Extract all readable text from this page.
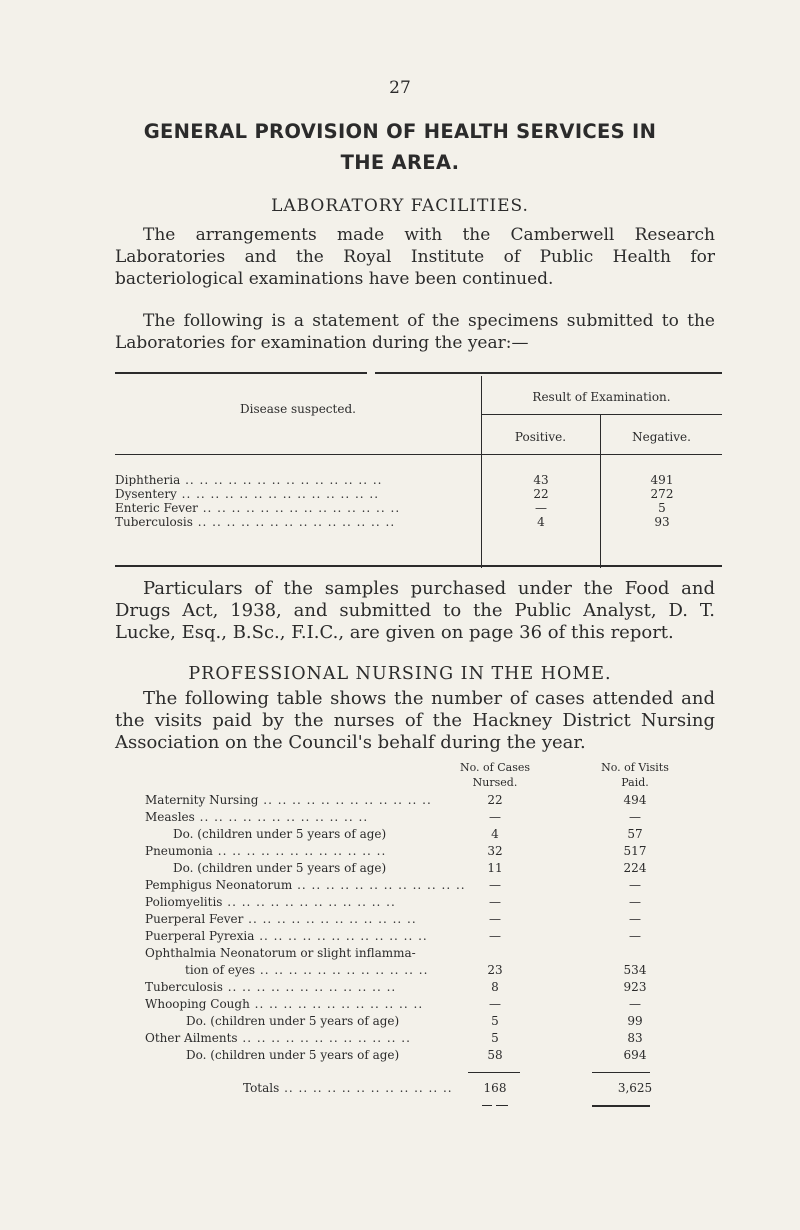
27
GENERAL PROVISION OF HEALTH SERVICES IN
THE AREA.
LABORATORY FACILITIES.
The arrangements made with the Camberwell Research Laboratories and the Royal Institute of Public Health for bacteriological examinations have been continued.
The following is a statement of the specimens submitted to the Laboratories for examination during the year:—
Disease suspected.
Result of Examination.
Positive.	Negative.
Diphtheria .. ..	43	491
Dysentery .. ..	22	272
Enteric Fever .. ..	—	5
Tuberculosis .. ..	4	93
Particulars of the samples purchased under the Food and Drugs Act, 1938, and submitted to the Public Analyst, D. T. Lucke, Esq., B.Sc., F.I.C., are given on page 36 of this report.
PROFESSIONAL NURSING IN THE HOME.
The following table shows the number of cases attended and the visits paid by the nurses of the Hackney District Nursing Association on the Council's behalf during the year.
No. of Cases
Nursed.
No. of Visits
Paid.
Maternity Nursing .. ..	22	494
Measles .. ..	—	—
Do. (children under 5 years of age)	4	57
Pneumonia .. ..	32	517
Do. (children under 5 years of age)	11	224
Pemphigus Neonatorum .. ..	—	—
Poliomyelitis .. ..	—	—
Puerperal Fever .. ..	—	—
Puerperal Pyrexia .. ..	—	—
Ophthalmia Neonatorum or slight inflamma-
tion of eyes .. ..	23	534
Tuberculosis .. ..	8	923
Whooping Cough .. ..	—	—
Do. (children under 5 years of age)	5	99
Other Ailments .. ..	5	83
Do. (children under 5 years of age)	58	694
Totals .. ..	168	3,625
